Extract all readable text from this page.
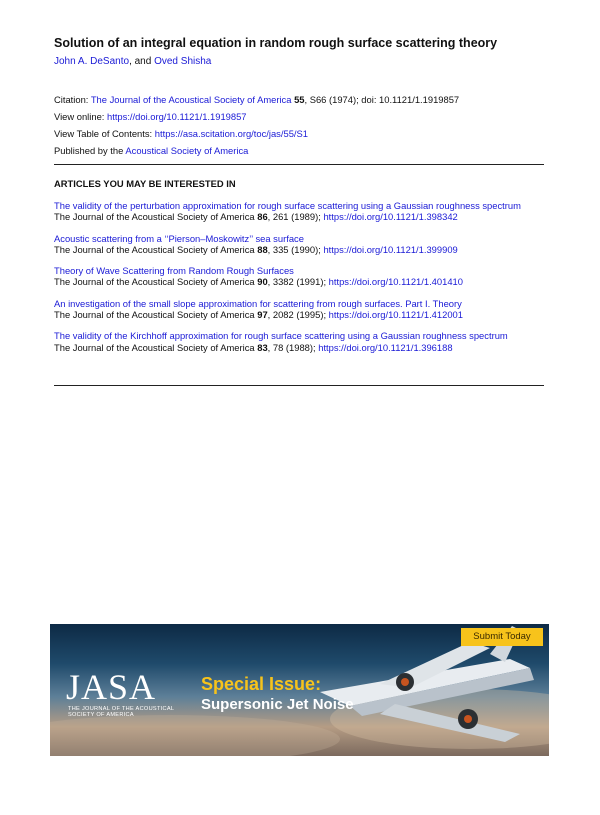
Solution of an integral equation in random rough surface scattering theory
John A. DeSanto, and Oved Shisha
Citation: The Journal of the Acoustical Society of America 55, S66 (1974); doi: 10.1121/1.1919857
View online: https://doi.org/10.1121/1.1919857
View Table of Contents: https://asa.scitation.org/toc/jas/55/S1
Published by the Acoustical Society of America
ARTICLES YOU MAY BE INTERESTED IN
The validity of the perturbation approximation for rough surface scattering using a Gaussian roughness spectrum
The Journal of the Acoustical Society of America 86, 261 (1989); https://doi.org/10.1121/1.398342
Acoustic scattering from a ‘‘Pierson–Moskowitz’’ sea surface
The Journal of the Acoustical Society of America 88, 335 (1990); https://doi.org/10.1121/1.399909
Theory of Wave Scattering from Random Rough Surfaces
The Journal of the Acoustical Society of America 90, 3382 (1991); https://doi.org/10.1121/1.401410
An investigation of the small slope approximation for scattering from rough surfaces. Part I. Theory
The Journal of the Acoustical Society of America 97, 2082 (1995); https://doi.org/10.1121/1.412001
The validity of the Kirchhoff approximation for rough surface scattering using a Gaussian roughness spectrum
The Journal of the Acoustical Society of America 83, 78 (1988); https://doi.org/10.1121/1.396188
JASA
THE JOURNAL OF THE ACOUSTICAL SOCIETY OF AMERICA
Special Issue:
Supersonic Jet Noise
Submit Today
